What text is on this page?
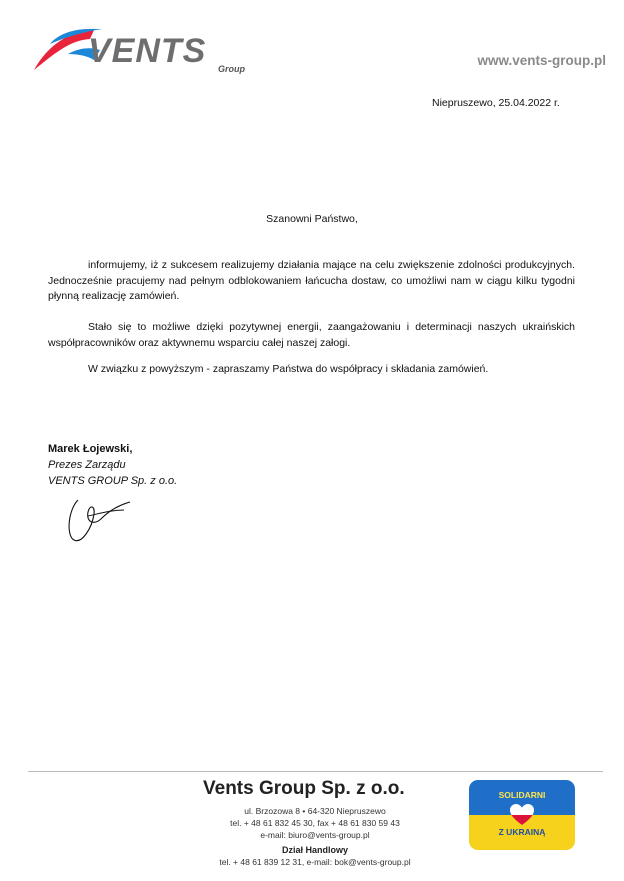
VENTS Group
www.vents-group.pl
Niepruszewo, 25.04.2022 r.
Szanowni Państwo,
informujemy, iż z sukcesem realizujemy działania mające na celu zwiększenie zdolności produkcyjnych. Jednocześnie pracujemy nad pełnym odblokowaniem łańcucha dostaw, co umożliwi nam w ciągu kilku tygodni płynną realizację zamówień.
Stało się to możliwe dzięki pozytywnej energii, zaangażowaniu i determinacji naszych ukraińskich współpracowników oraz aktywnemu wsparciu całej naszej załogi.
W związku z powyższym - zapraszamy Państwa do współpracy i składania zamówień.
Marek Łojewski,
Prezes Zarządu
VENTS GROUP Sp. z o.o.
Vents Group Sp. z o.o.
ul. Brzozowa 8 • 64-320 Niepruszewo
tel. + 48 61 832 45 30, fax + 48 61 830 59 43
e-mail: biuro@vents-group.pl
Dział Handlowy
tel. + 48 61 839 12 31, e-mail: bok@vents-group.pl
SOLIDARNI
Z UKRAINĄ
